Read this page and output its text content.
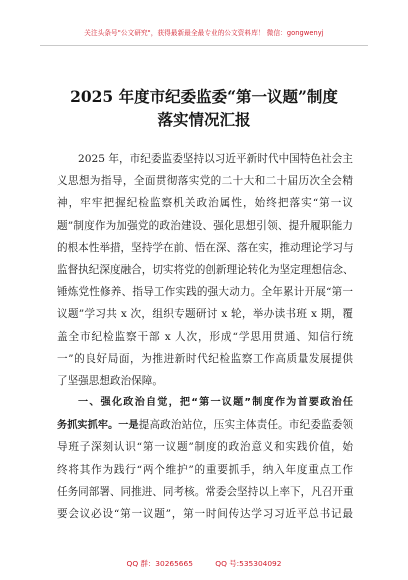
关注头条号"公文研究"，获得最新最全最专业的公文资料库！ 微信：gongwenyj
2025 年度市纪委监委“第一议题”制度
落实情况汇报
2025 年，市纪委监委坚持以习近平新时代中国特色社会主
义思想为指导，全面贯彻落实党的二十大和二十届历次全会精
神，牢牢把握纪检监察机关政治属性，始终把落实“第一议
题”制度作为加强党的政治建设、强化思想引领、提升履职能力
的根本性举措，坚持学在前、悟在深、落在实，推动理论学习与
监督执纪深度融合，切实将党的创新理论转化为坚定理想信念、
锤炼党性修养、指导工作实践的强大动力。全年累计开展“第一
议题”学习共 x 次，组织专题研讨 x 轮，举办读书班 x 期，覆
盖全市纪检监察干部 x 人次，形成“学思用贯通、知信行统
一”的良好局面，为推进新时代纪检监察工作高质量发展提供
了坚强思想政治保障。
一、强化政治自觉，把“第一议题”制度作为首要政治任
务抓实抓牢。一是提高政治站位，压实主体责任。市纪委监委领
导班子深刻认识“第一议题”制度的政治意义和实践价值，始
终将其作为践行“两个维护”的重要抓手，纳入年度重点工作
任务同部署、同推进、同考核。常委会坚持以上率下，凡召开重
要会议必设“第一议题”，第一时间传达学习习近平总书记最
QQ 群：30265665	QQ 号:535304092
